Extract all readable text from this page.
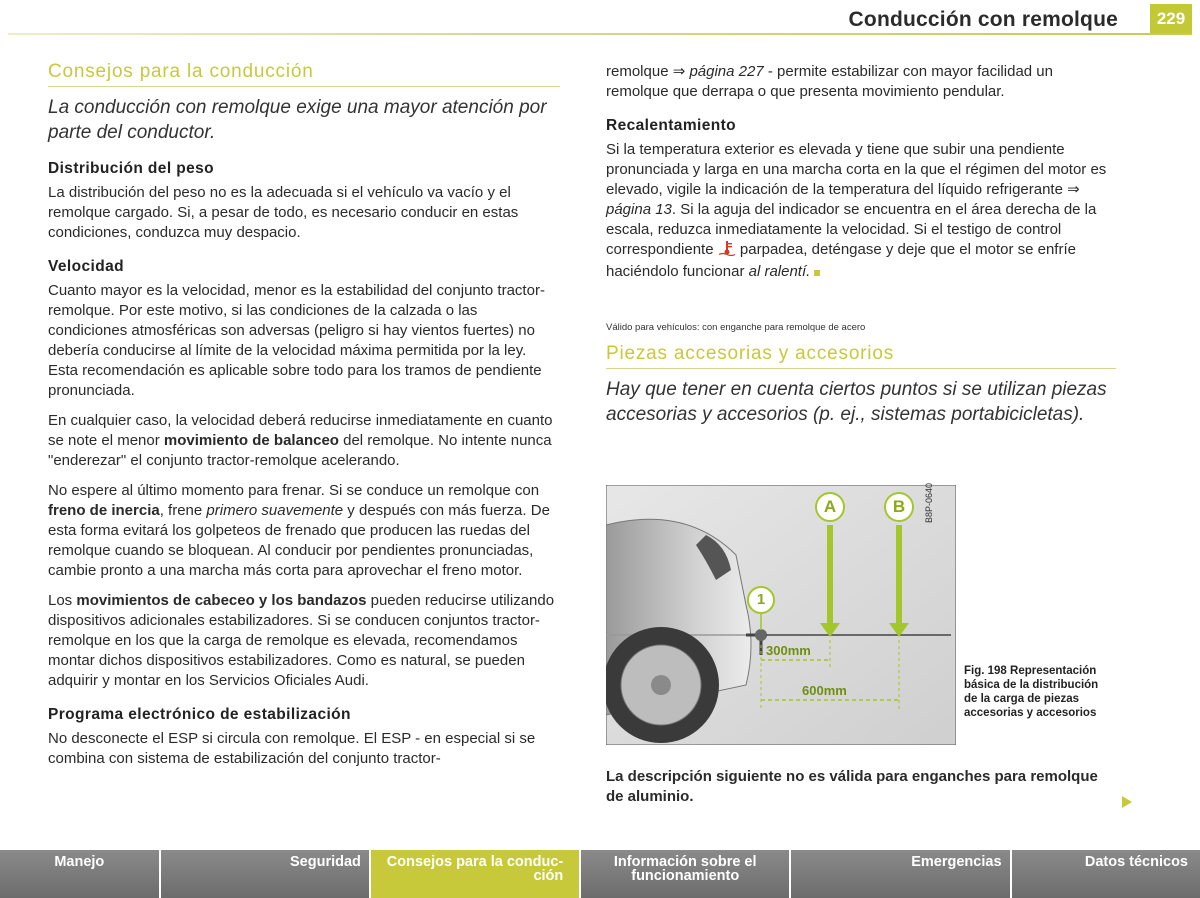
Conducción con remolque	229
Consejos para la conducción

La conducción con remolque exige una mayor atención por parte del conductor.

Distribución del peso

La distribución del peso no es la adecuada si el vehículo va vacío y el remolque cargado. Si, a pesar de todo, es necesario conducir en estas condiciones, conduzca muy despacio.

Velocidad

Cuanto mayor es la velocidad, menor es la estabilidad del conjunto tractor-remolque. Por este motivo, si las condiciones de la calzada o las condiciones atmosféricas son adversas (peligro si hay vientos fuertes) no debería conducirse al límite de la velocidad máxima permitida por la ley. Esta recomendación es aplicable sobre todo para los tramos de pendiente pronunciada.

En cualquier caso, la velocidad deberá reducirse inmediatamente en cuanto se note el menor movimiento de balanceo del remolque. No intente nunca "enderezar" el conjunto tractor-remolque acelerando.

No espere al último momento para frenar. Si se conduce un remolque con freno de inercia, frene primero suavemente y después con más fuerza. De esta forma evitará los golpeteos de frenado que producen las ruedas del remolque cuando se bloquean. Al conducir por pendientes pronunciadas, cambie pronto a una marcha más corta para aprovechar el freno motor.

Los movimientos de cabeceo y los bandazos pueden reducirse utilizando dispositivos adicionales estabilizadores. Si se conducen conjuntos tractor-remolque en los que la carga de remolque es elevada, recomendamos montar dichos dispositivos estabilizadores. Como es natural, se pueden adquirir y montar en los Servicios Oficiales Audi.

Programa electrónico de estabilización

No desconecte el ESP si circula con remolque. El ESP - en especial si se combina con sistema de estabilización del conjunto tractor-

remolque ⇒ página 227 - permite estabilizar con mayor facilidad un remolque que derrapa o que presenta movimiento pendular.

Recalentamiento

Si la temperatura exterior es elevada y tiene que subir una pendiente pronunciada y larga en una marcha corta en la que el régimen del motor es elevado, vigile la indicación de la temperatura del líquido refrigerante ⇒ página 13. Si la aguja del indicador se encuentra en el área derecha de la escala, reduzca inmediatamente la velocidad. Si el testigo de control correspondiente  parpadea, deténgase y deje que el motor se enfríe haciéndolo funcionar al ralentí.

Válido para vehículos: con enganche para remolque de acero
Piezas accesorias y accesorios

Hay que tener en cuenta ciertos puntos si se utilizan piezas accesorias y accesorios (p. ej., sistemas portabicicletas).

A	B
1
300mm
600mm
B8P-0640
Fig. 198 Representación básica de la distribución de la carga de piezas accesorias y accesorios
La descripción siguiente no es válida para enganches para remolque de aluminio.
Manejo	Seguridad Consejos para la conduc-
ción
Información sobre el
funcionamiento
Emergencias	Datos técnicos
